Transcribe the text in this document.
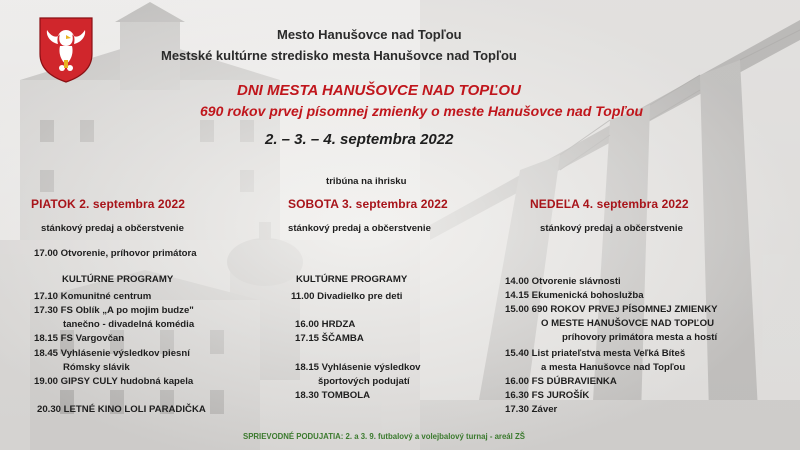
Mesto Hanušovce nad Topľou
Mestské kultúrne stredisko mesta Hanušovce nad Topľou
DNI MESTA HANUŠOVCE NAD TOPĽOU
690 rokov prvej písomnej zmienky o meste Hanušovce nad Topľou
2. – 3. – 4. septembra 2022
tribúna na ihrisku
PIATOK 2. septembra 2022
stánkový predaj a občerstvenie
17.00 Otvorenie, príhovor primátora
KULTÚRNE PROGRAMY
17.10 Komunitné centrum
17.30 FS Oblík „A po mojim budze"
tanečno - divadelná komédia
18.15 FS Vargovčan
18.45 Vyhlásenie výsledkov piesní
Rómsky slávik
19.00 GIPSY CULY hudobná kapela
20.30 LETNÉ KINO LOLI PARADIČKA
SOBOTA 3. septembra 2022
stánkový predaj a občerstvenie
KULTÚRNE PROGRAMY
11.00 Divadielko pre deti
16.00 HRDZA
17.15 ŠČAMBA
18.15 Vyhlásenie výsledkov
športových podujatí
18.30 TOMBOLA
NEDEĽA 4. septembra 2022
stánkový predaj a občerstvenie
14.00 Otvorenie slávnosti
14.15 Ekumenická bohoslužba
15.00 690 ROKOV PRVEJ PÍSOMNEJ ZMIENKY
O MESTE HANUŠOVCE NAD TOPĽOU
príhovory primátora mesta a hostí
15.40 List priateľstva mesta Veľká Bíteš
a mesta Hanušovce nad Topľou
16.00 FS DÚBRAVIENKA
16.30 FS JUROŠÍK
17.30 Záver
SPRIEVODNÉ PODUJATIA: 2. a 3. 9. futbalový a volejbalový turnaj - areál ZŠ
